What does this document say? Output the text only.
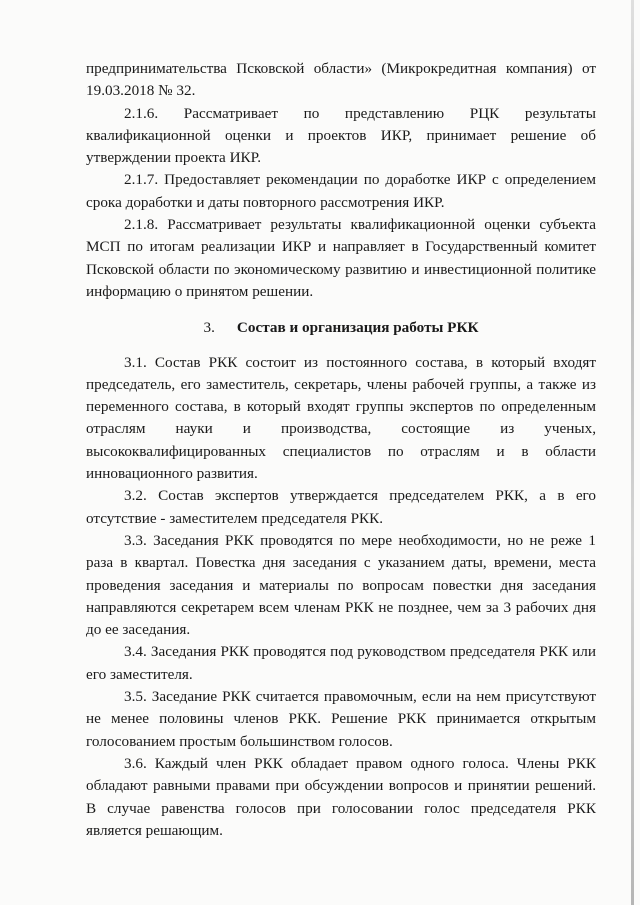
предпринимательства Псковской области» (Микрокредитная компания) от 19.03.2018 № 32.

2.1.6. Рассматривает по представлению РЦК результаты квалификационной оценки и проектов ИКР, принимает решение об утверждении проекта ИКР.

2.1.7. Предоставляет рекомендации по доработке ИКР с определением срока доработки и даты повторного рассмотрения ИКР.

2.1.8. Рассматривает результаты квалификационной оценки субъекта МСП по итогам реализации ИКР и направляет в Государственный комитет Псковской области по экономическому развитию и инвестиционной политике информацию о принятом решении.

3. Состав и организация работы РКК

3.1. Состав РКК состоит из постоянного состава, в который входят председатель, его заместитель, секретарь, члены рабочей группы, а также из переменного состава, в который входят группы экспертов по определенным отраслям науки и производства, состоящие из ученых, высококвалифицированных специалистов по отраслям и в области инновационного развития.

3.2. Состав экспертов утверждается председателем РКК, а в его отсутствие - заместителем председателя РКК.

3.3. Заседания РКК проводятся по мере необходимости, но не реже 1 раза в квартал. Повестка дня заседания с указанием даты, времени, места проведения заседания и материалы по вопросам повестки дня заседания направляются секретарем всем членам РКК не позднее, чем за 3 рабочих дня до ее заседания.

3.4. Заседания РКК проводятся под руководством председателя РКК или его заместителя.

3.5. Заседание РКК считается правомочным, если на нем присутствуют не менее половины членов РКК. Решение РКК принимается открытым голосованием простым большинством голосов.

3.6. Каждый член РКК обладает правом одного голоса. Члены РКК обладают равными правами при обсуждении вопросов и принятии решений. В случае равенства голосов при голосовании голос председателя РКК является решающим.
